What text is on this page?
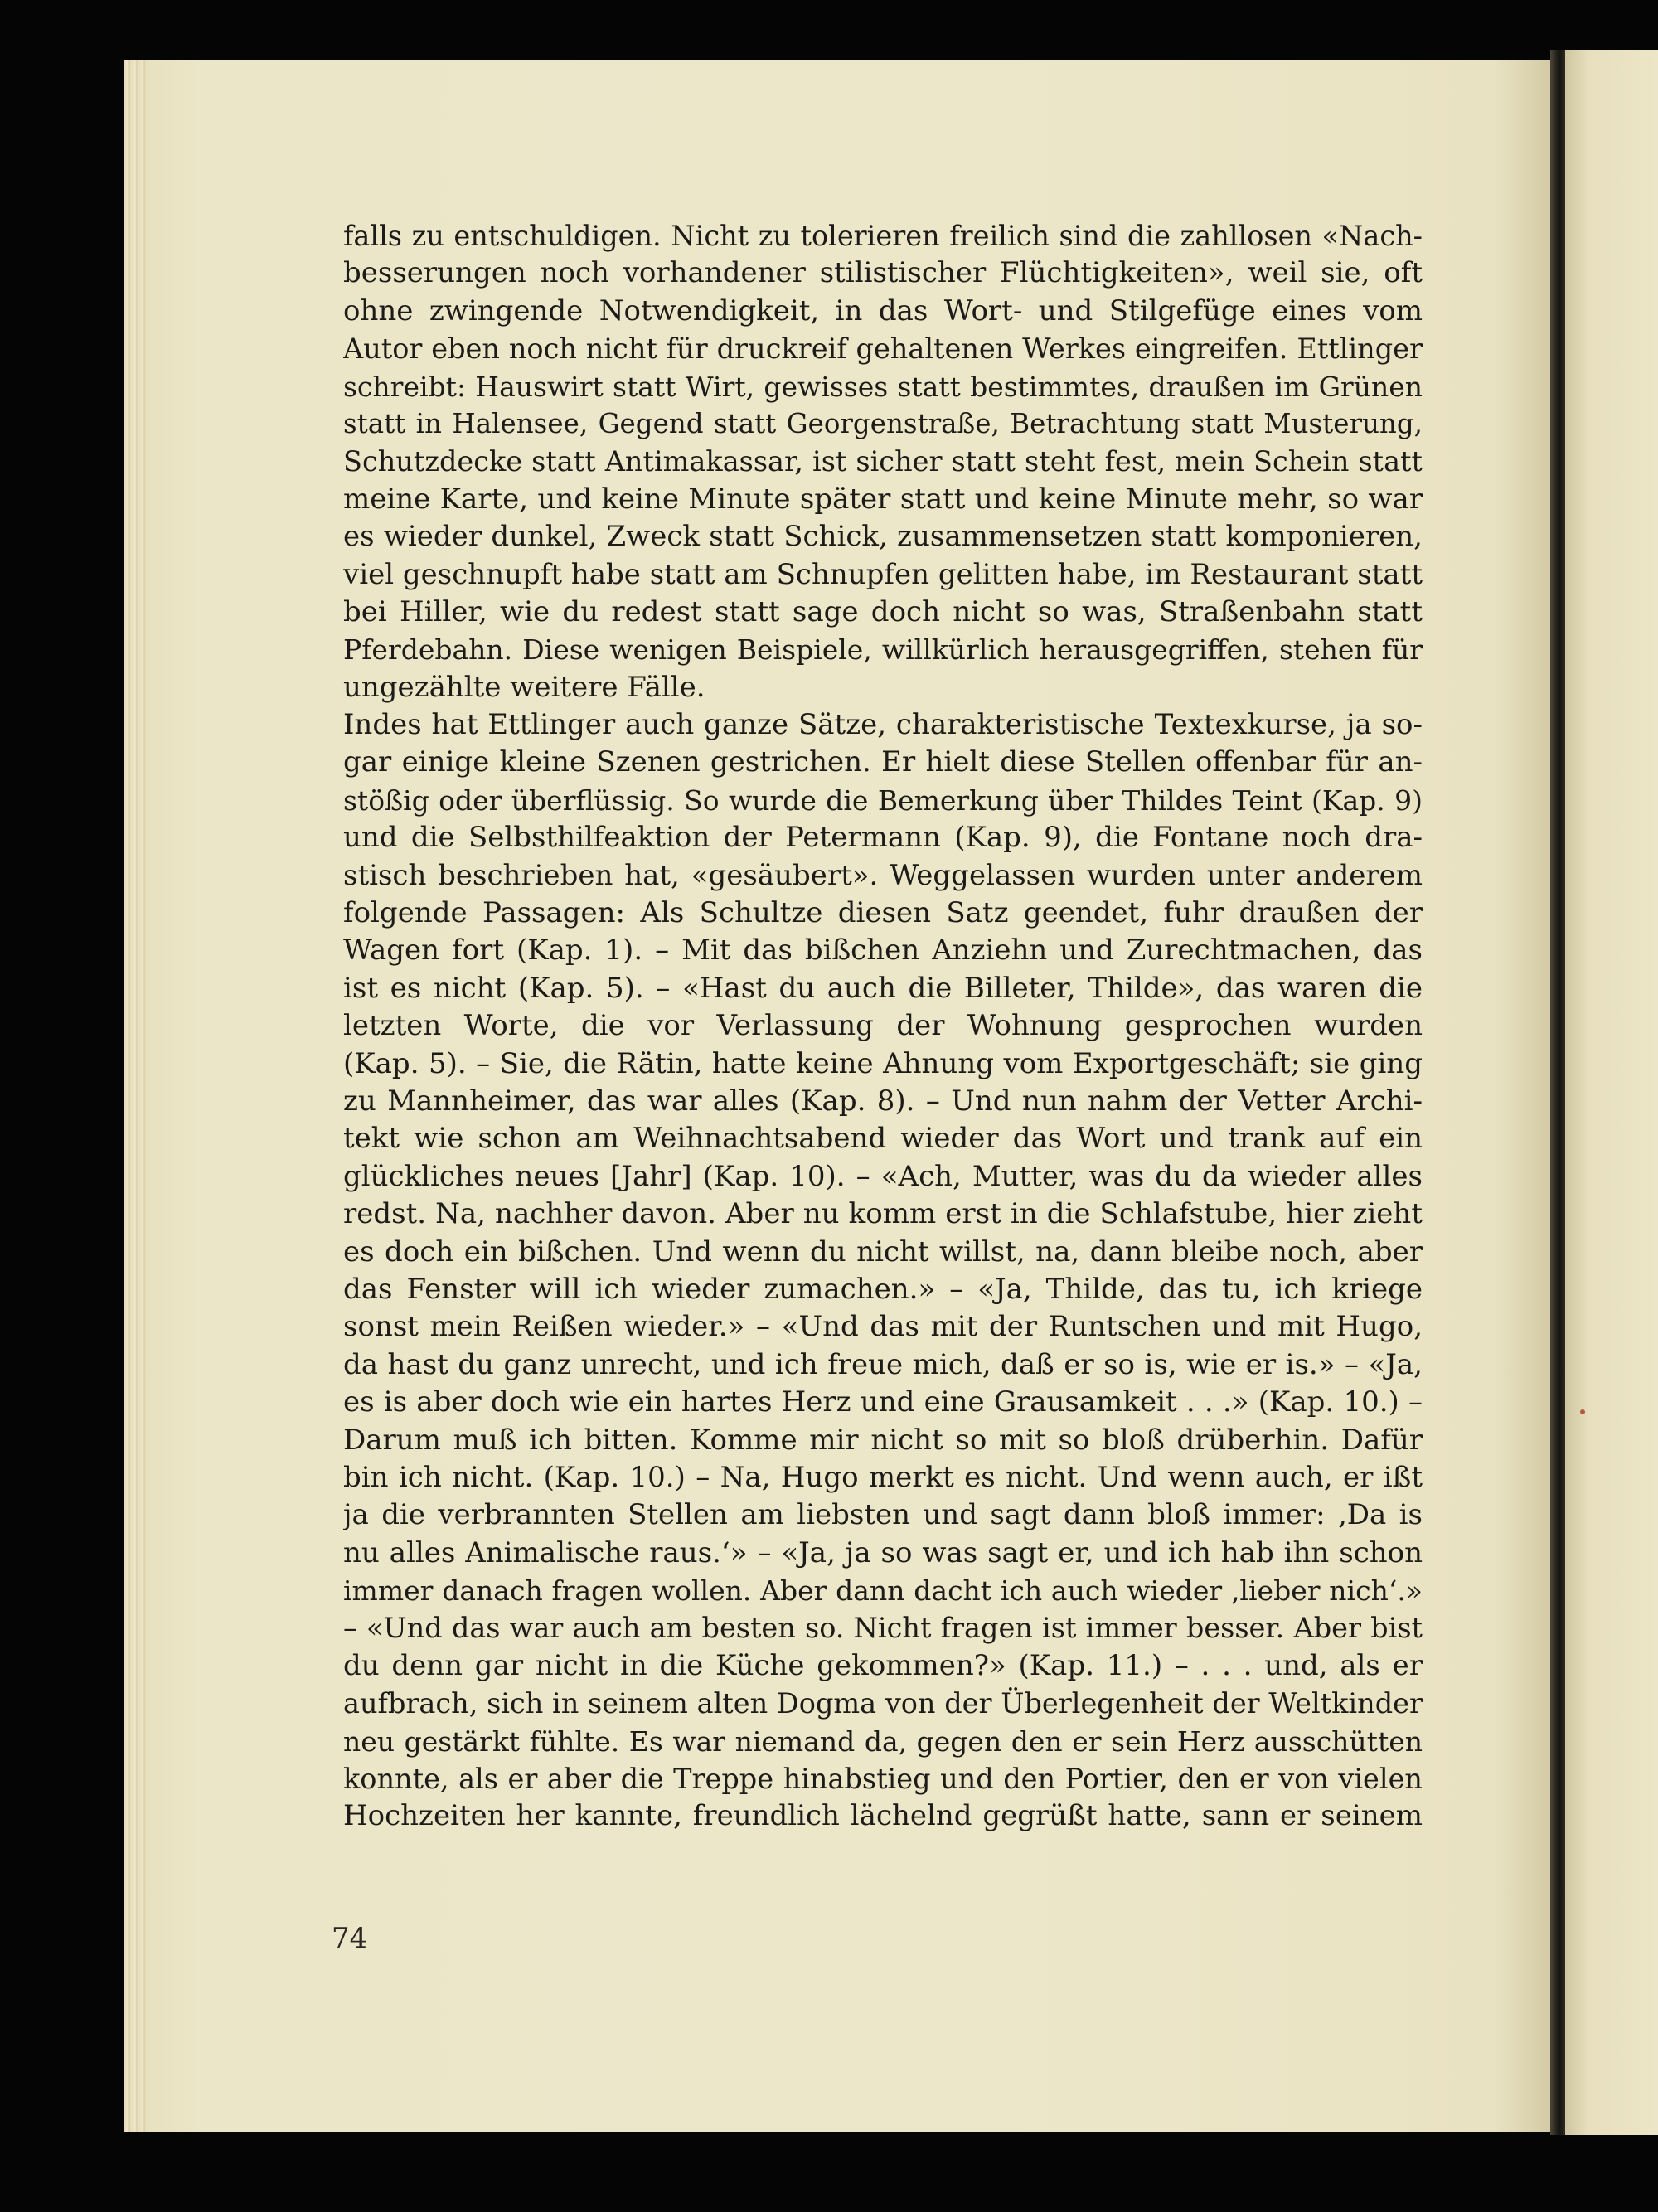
falls zu entschuldigen. Nicht zu tolerieren freilich sind die zahllosen «Nach-
besserungen noch vorhandener stilistischer Flüchtigkeiten», weil sie, oft
ohne zwingende Notwendigkeit, in das Wort- und Stilgefüge eines vom
Autor eben noch nicht für druckreif gehaltenen Werkes eingreifen. Ettlinger
schreibt: Hauswirt statt Wirt, gewisses statt bestimmtes, draußen im Grünen
statt in Halensee, Gegend statt Georgenstraße, Betrachtung statt Musterung,
Schutzdecke statt Antimakassar, ist sicher statt steht fest, mein Schein statt
meine Karte, und keine Minute später statt und keine Minute mehr, so war
es wieder dunkel, Zweck statt Schick, zusammensetzen statt komponieren,
viel geschnupft habe statt am Schnupfen gelitten habe, im Restaurant statt
bei Hiller, wie du redest statt sage doch nicht so was, Straßenbahn statt
Pferdebahn. Diese wenigen Beispiele, willkürlich herausgegriffen, stehen für
ungezählte weitere Fälle.
Indes hat Ettlinger auch ganze Sätze, charakteristische Textexkurse, ja so-
gar einige kleine Szenen gestrichen. Er hielt diese Stellen offenbar für an-
stößig oder überflüssig. So wurde die Bemerkung über Thildes Teint (Kap. 9)
und die Selbsthilfeaktion der Petermann (Kap. 9), die Fontane noch dra-
stisch beschrieben hat, «gesäubert». Weggelassen wurden unter anderem
folgende Passagen: Als Schultze diesen Satz geendet, fuhr draußen der
Wagen fort (Kap. 1). – Mit das bißchen Anziehn und Zurechtmachen, das
ist es nicht (Kap. 5). – «Hast du auch die Billeter, Thilde», das waren die
letzten Worte, die vor Verlassung der Wohnung gesprochen wurden
(Kap. 5). – Sie, die Rätin, hatte keine Ahnung vom Exportgeschäft; sie ging
zu Mannheimer, das war alles (Kap. 8). – Und nun nahm der Vetter Archi-
tekt wie schon am Weihnachtsabend wieder das Wort und trank auf ein
glückliches neues [Jahr] (Kap. 10). – «Ach, Mutter, was du da wieder alles
redst. Na, nachher davon. Aber nu komm erst in die Schlafstube, hier zieht
es doch ein bißchen. Und wenn du nicht willst, na, dann bleibe noch, aber
das Fenster will ich wieder zumachen.» – «Ja, Thilde, das tu, ich kriege
sonst mein Reißen wieder.» – «Und das mit der Runtschen und mit Hugo,
da hast du ganz unrecht, und ich freue mich, daß er so is, wie er is.» – «Ja,
es is aber doch wie ein hartes Herz und eine Grausamkeit . . .» (Kap. 10.) –
Darum muß ich bitten. Komme mir nicht so mit so bloß drüberhin. Dafür
bin ich nicht. (Kap. 10.) – Na, Hugo merkt es nicht. Und wenn auch, er ißt
ja die verbrannten Stellen am liebsten und sagt dann bloß immer: ‚Da is
nu alles Animalische raus.‘» – «Ja, ja so was sagt er, und ich hab ihn schon
immer danach fragen wollen. Aber dann dacht ich auch wieder ‚lieber nich‘.»
– «Und das war auch am besten so. Nicht fragen ist immer besser. Aber bist
du denn gar nicht in die Küche gekommen?» (Kap. 11.) – . . . und, als er
aufbrach, sich in seinem alten Dogma von der Überlegenheit der Weltkinder
neu gestärkt fühlte. Es war niemand da, gegen den er sein Herz ausschütten
konnte, als er aber die Treppe hinabstieg und den Portier, den er von vielen
Hochzeiten her kannte, freundlich lächelnd gegrüßt hatte, sann er seinem
74
